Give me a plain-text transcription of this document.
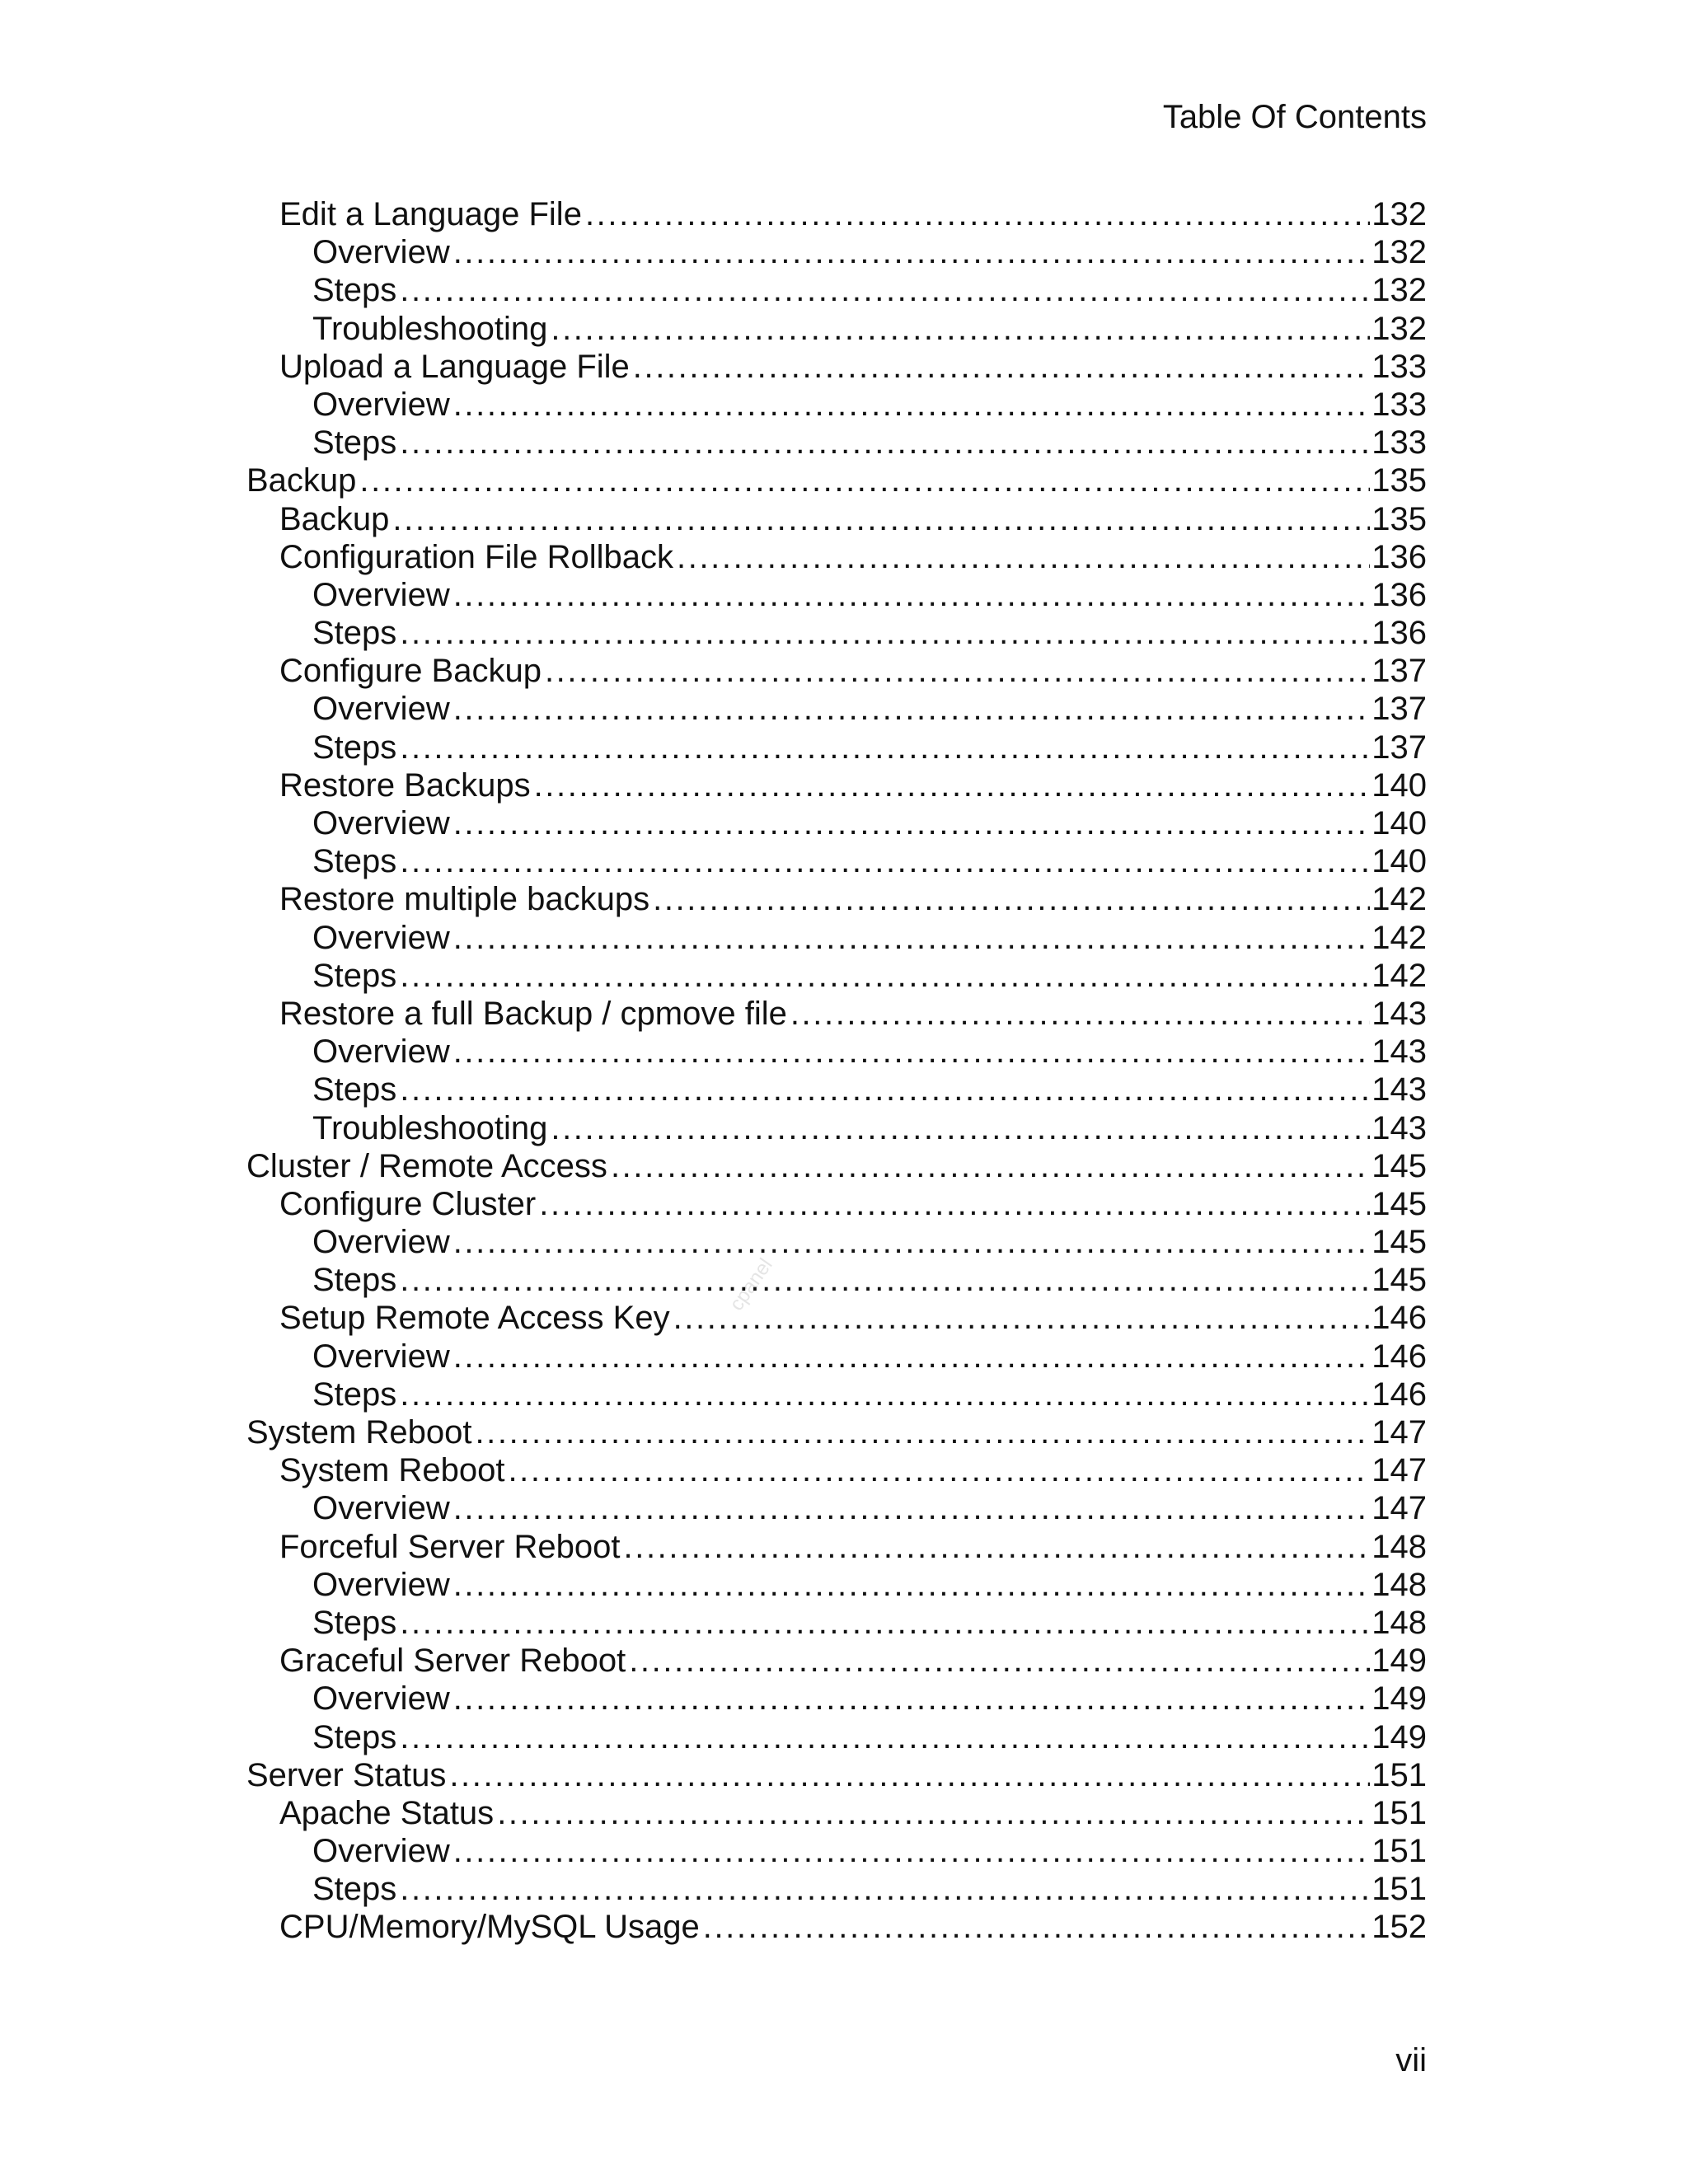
Table Of Contents
cpanel
Edit a Language File .....	132
Overview .....	132
Steps .....	132
Troubleshooting .....	132
Upload a Language File .....	133
Overview .....	133
Steps .....	133
Backup .....	135
Backup .....	135
Configuration File Rollback .....	136
Overview .....	136
Steps .....	136
Configure Backup .....	137
Overview .....	137
Steps .....	137
Restore Backups .....	140
Overview .....	140
Steps .....	140
Restore multiple backups .....	142
Overview .....	142
Steps .....	142
Restore a full Backup / cpmove file .....	143
Overview .....	143
Steps .....	143
Troubleshooting .....	143
Cluster / Remote Access .....	145
Configure Cluster .....	145
Overview .....	145
Steps .....	145
Setup Remote Access Key .....	146
Overview .....	146
Steps .....	146
System Reboot .....	147
System Reboot .....	147
Overview .....	147
Forceful Server Reboot .....	148
Overview .....	148
Steps .....	148
Graceful Server Reboot .....	149
Overview .....	149
Steps .....	149
Server Status .....	151
Apache Status .....	151
Overview .....	151
Steps .....	151
CPU/Memory/MySQL Usage .....	152
vii
